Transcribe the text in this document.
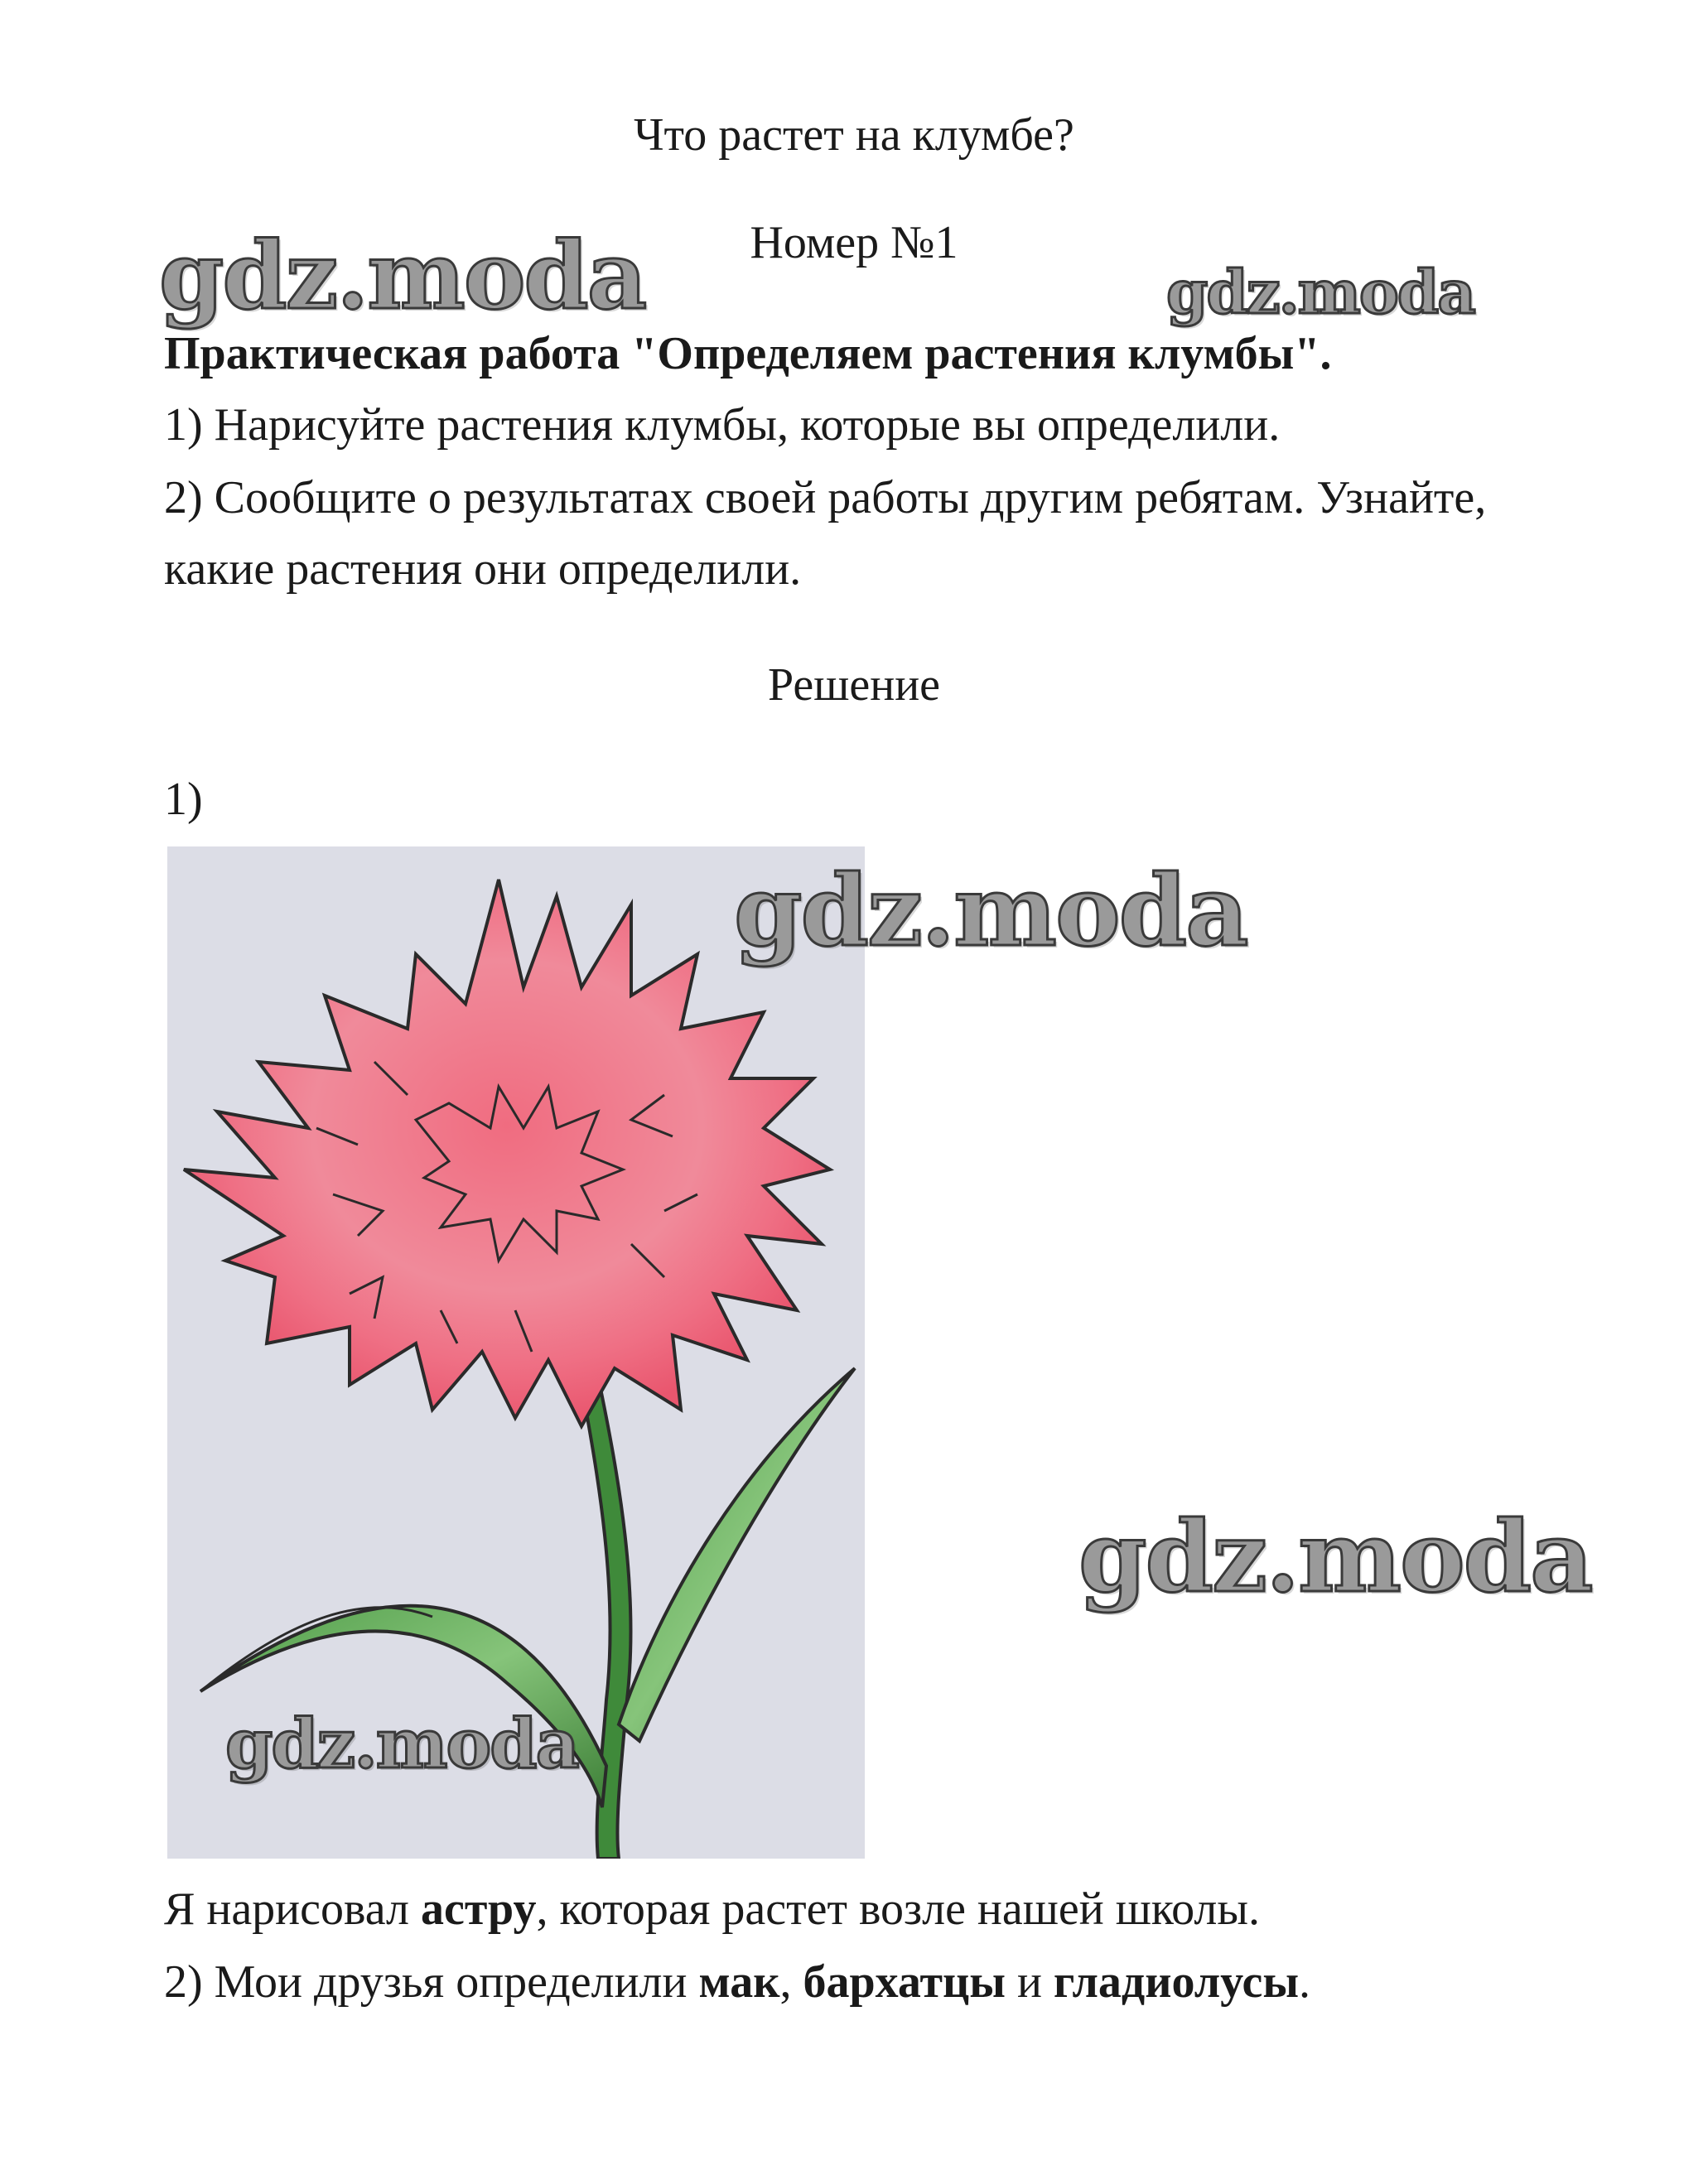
Что растет на клумбе?
Номер №1
Практическая работа "Определяем растения клумбы".
1) Нарисуйте растения клумбы, которые вы определили.
2) Сообщите о результатах своей работы другим ребятам. Узнайте,
какие растения они определили.
Решение
1)
Я нарисовал астру, которая растет возле нашей школы.
2) Мои друзья определили мак, бархатцы и гладиолусы.
gdz.moda	gdz.moda
gdz.moda
gdz.moda
gdz.moda
